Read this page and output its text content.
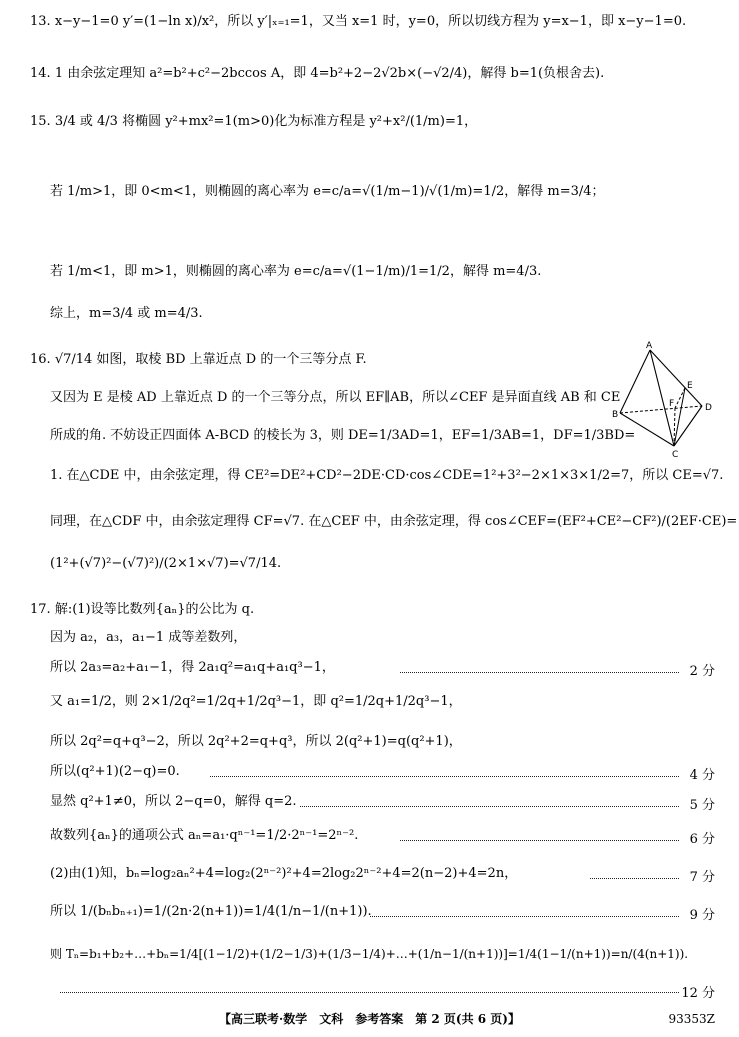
13. x−y−1=0 y′=(1−ln x)/x²，所以 y′|ₓ₌₁=1，又当 x=1 时，y=0，所以切线方程为 y=x−1，即 x−y−1=0.
14. 1 由余弦定理知 a²=b²+c²−2bccos A，即 4=b²+2−2√2b×(−√2/4)，解得 b=1(负根舍去).
15. 3/4 或 4/3 将椭圆 y²+mx²=1(m>0)化为标准方程是 y²+x²/(1/m)=1，
若 1/m>1，即 0<m<1，则椭圆的离心率为 e=c/a=√(1/m−1)/√(1/m)=1/2，解得 m=3/4；
若 1/m<1，即 m>1，则椭圆的离心率为 e=c/a=√(1−1/m)/1=1/2，解得 m=4/3.
综上，m=3/4 或 m=4/3.
16. √7/14 如图，取棱 BD 上靠近点 D 的一个三等分点 F.
又因为 E 是棱 AD 上靠近点 D 的一个三等分点，所以 EF∥AB，所以∠CEF 是异面直线 AB 和 CE
所成的角. 不妨设正四面体 A-BCD 的棱长为 3，则 DE=1/3AD=1，EF=1/3AB=1，DF=1/3BD=
1. 在△CDE 中，由余弦定理，得 CE²=DE²+CD²−2DE·CD·cos∠CDE=1²+3²−2×1×3×1/2=7，所以 CE=√7.
同理，在△CDF 中，由余弦定理得 CF=√7. 在△CEF 中，由余弦定理，得 cos∠CEF=(EF²+CE²−CF²)/(2EF·CE)=
(1²+(√7)²−(√7)²)/(2×1×√7)=√7/14.
A
B
C
D
E
F
17. 解:(1)设等比数列{aₙ}的公比为 q.
因为 a₂，a₃，a₁−1 成等差数列，
所以 2a₃=a₂+a₁−1，得 2a₁q²=a₁q+a₁q³−1，	2 分
又 a₁=1/2，则 2×1/2q²=1/2q+1/2q³−1，即 q²=1/2q+1/2q³−1，
所以 2q²=q+q³−2，所以 2q²+2=q+q³，所以 2(q²+1)=q(q²+1)，
所以(q²+1)(2−q)=0.	4 分
显然 q²+1≠0，所以 2−q=0，解得 q=2.	5 分
故数列{aₙ}的通项公式 aₙ=a₁·qⁿ⁻¹=1/2·2ⁿ⁻¹=2ⁿ⁻².	6 分
(2)由(1)知，bₙ=log₂aₙ²+4=log₂(2ⁿ⁻²)²+4=2log₂2ⁿ⁻²+4=2(n−2)+4=2n，	7 分
所以 1/(bₙbₙ₊₁)=1/(2n·2(n+1))=1/4(1/n−1/(n+1)).	9 分
则 Tₙ=b₁+b₂+…+bₙ=1/4[(1−1/2)+(1/2−1/3)+(1/3−1/4)+…+(1/n−1/(n+1))]=1/4(1−1/(n+1))=n/(4(n+1)).
12 分
【高三联考·数学　文科　参考答案　第 2 页(共 6 页)】	93353Z
